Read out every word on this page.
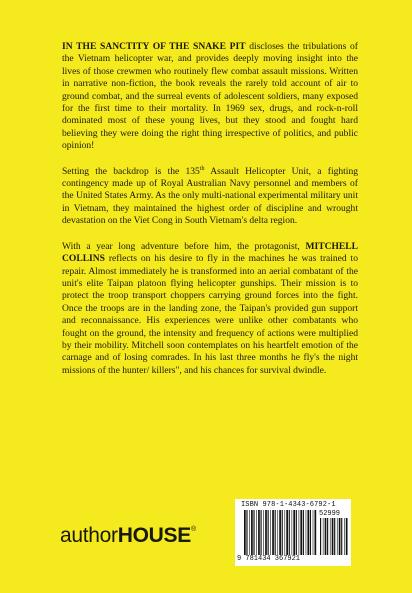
IN THE SANCTITY OF THE SNAKE PIT discloses the tribulations of the Vietnam helicopter war, and provides deeply moving insight into the lives of those crewmen who routinely flew combat assault missions. Written in narrative non-fiction, the book reveals the rarely told account of air to ground combat, and the surreal events of adolescent soldiers, many exposed for the first time to their mortality. In 1969 sex, drugs, and rock-n-roll dominated most of these young lives, but they stood and fought hard believing they were doing the right thing irrespective of politics, and public opinion!

Setting the backdrop is the 135th Assault Helicopter Unit, a fighting contingency made up of Royal Australian Navy personnel and members of the United States Army. As the only multi-national experimental military unit in Vietnam, they maintained the highest order of discipline and wrought devastation on the Viet Cong in South Vietnam's delta region.

With a year long adventure before him, the protagonist, MITCHELL COLLINS reflects on his desire to fly in the machines he was trained to repair. Almost immediately he is transformed into an aerial combatant of the unit's elite Taipan platoon flying helicopter gunships. Their mission is to protect the troop transport choppers carrying ground forces into the fight. Once the troops are in the landing zone, the Taipan's provided gun support and reconnaissance. His experiences were unlike other combatants who fought on the ground, the intensity and frequency of actions were multiplied by their mobility. Mitchell soon contemplates on his heartfelt emotion of the carnage and of losing comrades. In his last three months he fly's the night missions of the hunter/ killers", and his chances for survival dwindle.

authorHOUSE®
ISBN 978-1-4343-6792-1
52999
9 781434 367921
